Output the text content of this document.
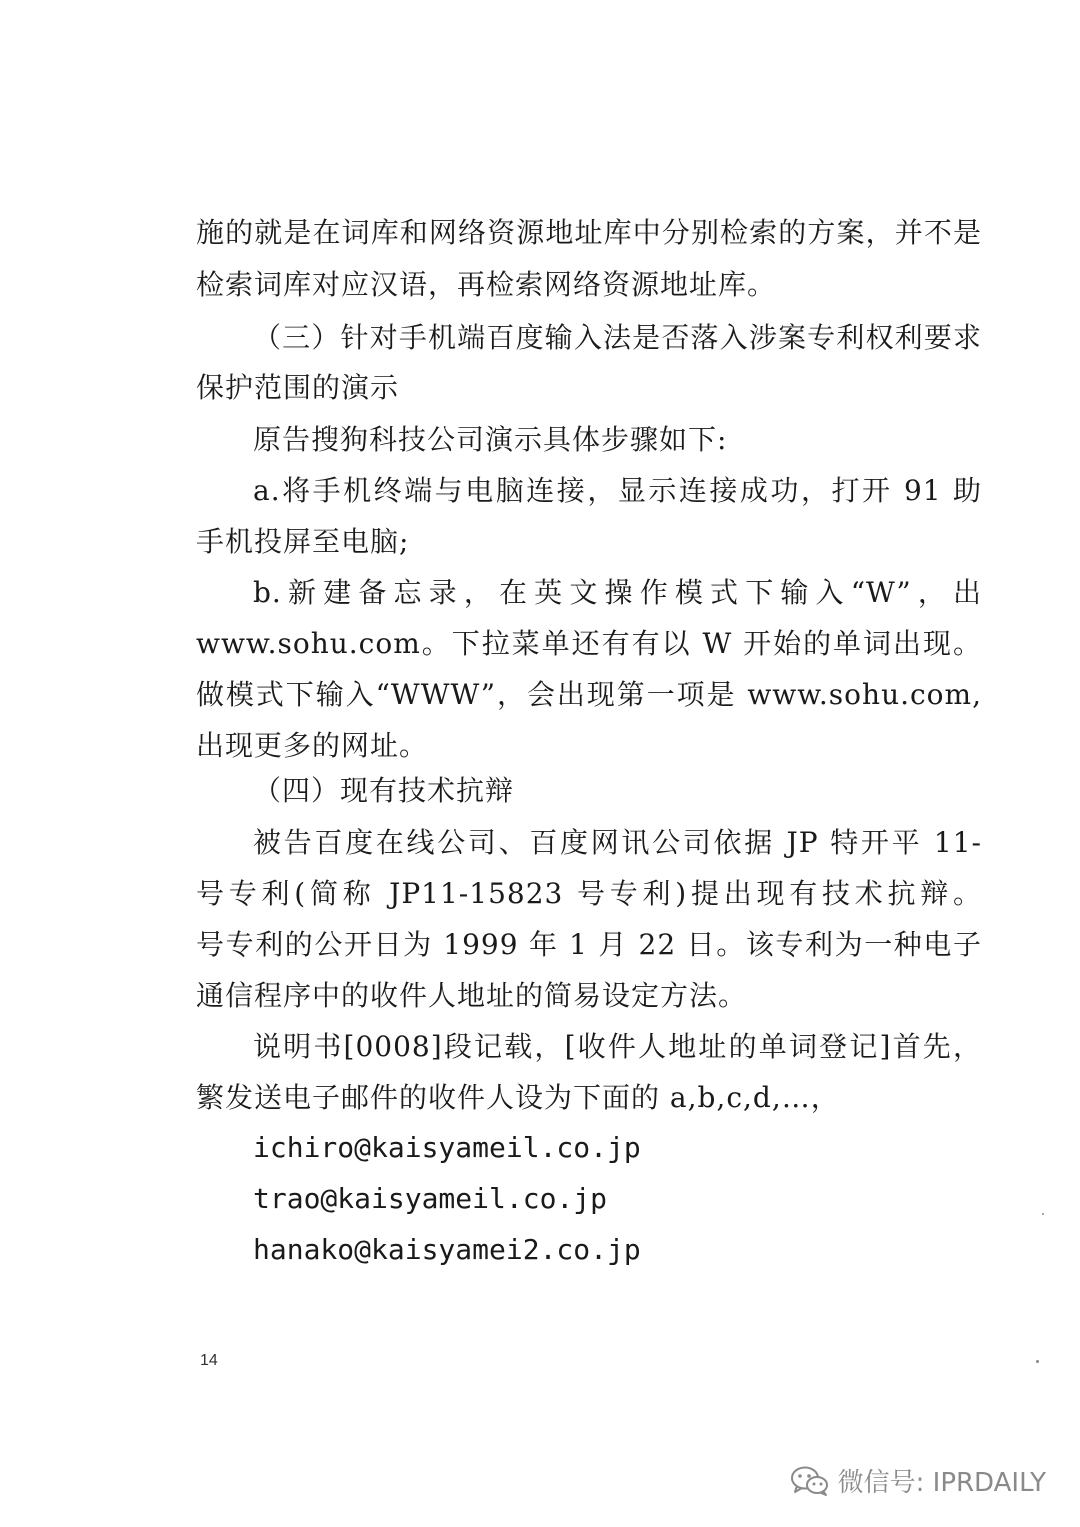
施的就是在词库和网络资源地址库中分别检索的方案，并不是
检索词库对应汉语，再检索网络资源地址库。
（三）针对手机端百度输入法是否落入涉案专利权利要求
保护范围的演示
原告搜狗科技公司演示具体步骤如下:
a.将手机终端与电脑连接，显示连接成功，打开 91 助
手机投屏至电脑;
b.新建备忘录，在英文操作模式下输入“W”，出
www.sohu.com。下拉菜单还有有以 W 开始的单词出现。
做模式下输入“WWW”，会出现第一项是 www.sohu.com,
出现更多的网址。
（四）现有技术抗辩
被告百度在线公司、百度网讯公司依据 JP 特开平 11-
号专利(简称 JP11-15823 号专利)提出现有技术抗辩。
号专利的公开日为 1999 年 1 月 22 日。该专利为一种电子
通信程序中的收件人地址的简易设定方法。
说明书[0008]段记载，[收件人地址的单词登记]首先，
繁发送电子邮件的收件人设为下面的 a,b,c,d,…，
ichiro@kaisyameil.co.jp
trao@kaisyameil.co.jp
hanako@kaisyamei2.co.jp
14
微信号: IPRDAILY
